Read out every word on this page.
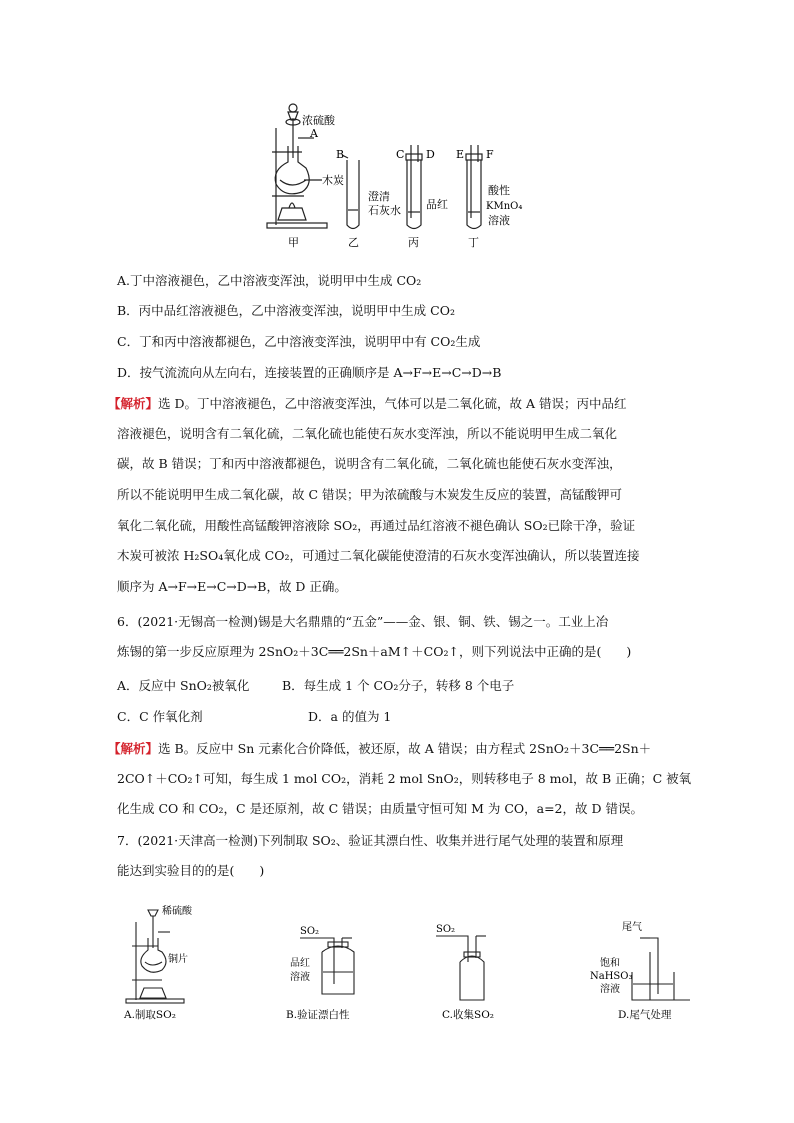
浓硫酸
A
木炭
B	C D E F
澄清
石灰水 品红
酸性
KMnO₄
溶液
甲	乙	丙	丁
A.丁中溶液褪色，乙中溶液变浑浊，说明甲中生成 CO₂
B．丙中品红溶液褪色，乙中溶液变浑浊，说明甲中生成 CO₂
C．丁和丙中溶液都褪色，乙中溶液变浑浊，说明甲中有 CO₂生成
D．按气流流向从左向右，连接装置的正确顺序是 A→F→E→C→D→B
【解析】选 D。丁中溶液褪色，乙中溶液变浑浊，气体可以是二氧化硫，故 A 错误；丙中品红
溶液褪色，说明含有二氧化硫，二氧化硫也能使石灰水变浑浊，所以不能说明甲生成二氧化
碳，故 B 错误；丁和丙中溶液都褪色，说明含有二氧化硫，二氧化硫也能使石灰水变浑浊，
所以不能说明甲生成二氧化碳，故 C 错误；甲为浓硫酸与木炭发生反应的装置，高锰酸钾可
氧化二氧化硫，用酸性高锰酸钾溶液除 SO₂，再通过品红溶液不褪色确认 SO₂已除干净，验证
木炭可被浓 H₂SO₄氧化成 CO₂，可通过二氧化碳能使澄清的石灰水变浑浊确认，所以装置连接
顺序为 A→F→E→C→D→B，故 D 正确。
6．(2021·无锡高一检测)锡是大名鼎鼎的“五金”——金、银、铜、铁、锡之一。工业上冶
炼锡的第一步反应原理为 2SnO₂＋3C══2Sn＋aM↑＋CO₂↑，则下列说法中正确的是(　　)
A．反应中 SnO₂被氧化	B．每生成 1 个 CO₂分子，转移 8 个电子
C．C 作氧化剂	D．a 的值为 1
【解析】选 B。反应中 Sn 元素化合价降低，被还原，故 A 错误；由方程式 2SnO₂＋3C══2Sn＋
2CO↑＋CO₂↑可知，每生成 1 mol CO₂，消耗 2 mol SnO₂，则转移电子 8 mol，故 B 正确；C 被氧
化生成 CO 和 CO₂，C 是还原剂，故 C 错误；由质量守恒可知 M 为 CO，a=2，故 D 错误。
7．(2021·天津高一检测)下列制取 SO₂、验证其漂白性、收集并进行尾气处理的装置和原理
能达到实验目的的是(　　)
稀硫酸
铜片
SO₂
品红
溶液
SO₂	尾气
饱和
NaHSO₃
溶液
A.制取SO₂	B.验证漂白性	C.收集SO₂	D.尾气处理
